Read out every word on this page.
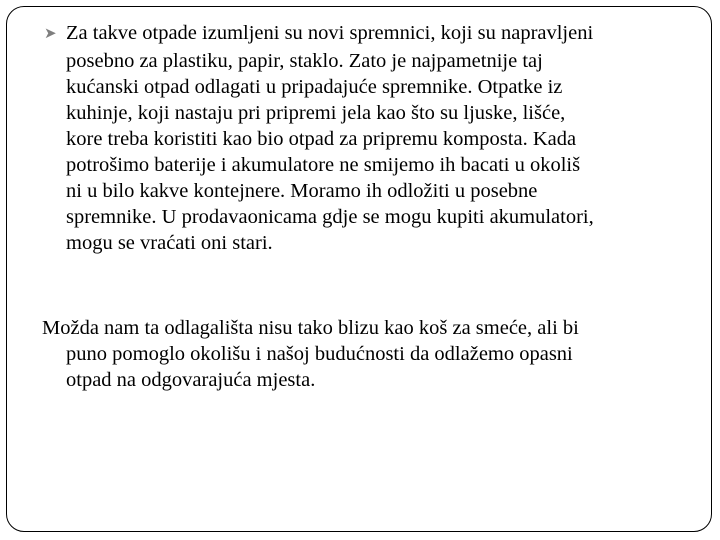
➤ Za takve otpade izumljeni su novi spremnici, koji su napravljeni
posebno za plastiku, papir, staklo. Zato je najpametnije taj
kućanski otpad odlagati u pripadajuće spremnike. Otpatke iz
kuhinje, koji nastaju pri pripremi jela kao što su ljuske, lišće,
kore treba koristiti kao bio otpad za pripremu komposta. Kada
potrošimo baterije i akumulatore ne smijemo ih bacati u okoliš
ni u bilo kakve kontejnere. Moramo ih odložiti u posebne
spremnike. U prodavaonicama gdje se mogu kupiti akumulatori,
mogu se vraćati oni stari.
Možda nam ta odlagališta nisu tako blizu kao koš za smeće, ali bi
puno pomoglo okolišu i našoj budućnosti da odlažemo opasni
otpad na odgovarajuća mjesta.
